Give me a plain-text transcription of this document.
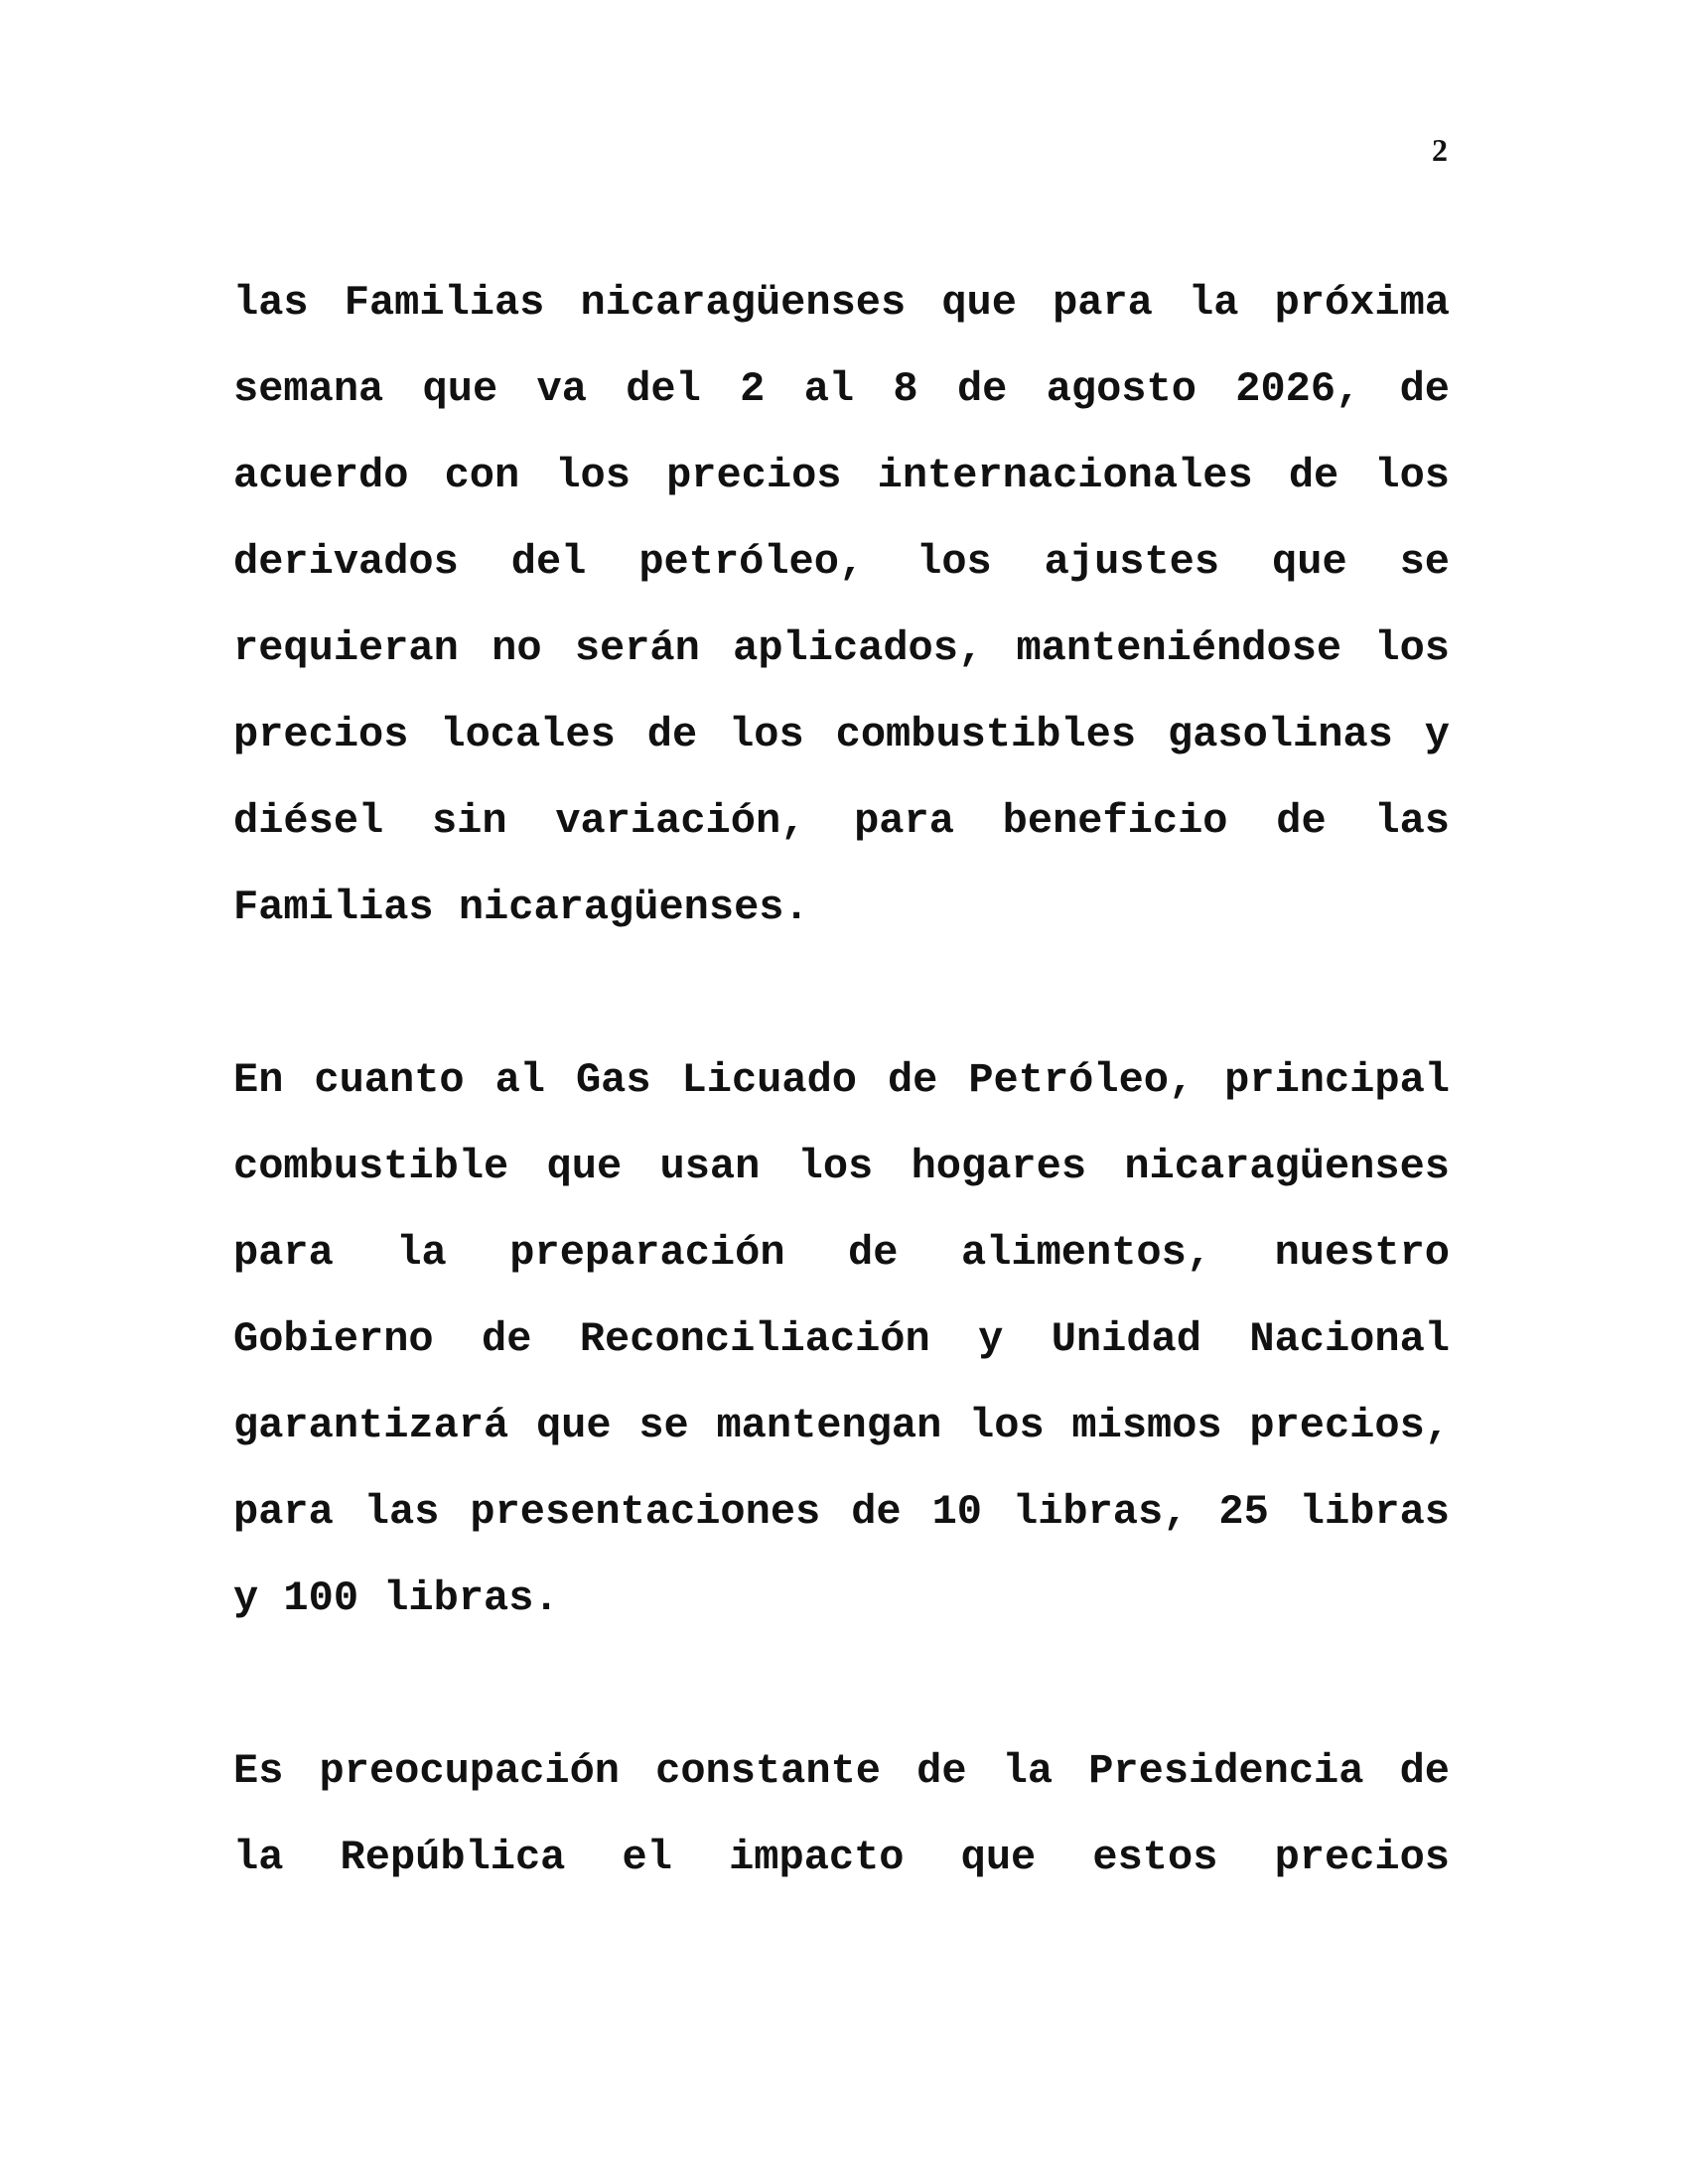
2

las Familias nicaragüenses que para la próxima semana que va del 2 al 8 de agosto 2026, de acuerdo con los precios internacionales de los derivados del petróleo, los ajustes que se requieran no serán aplicados, manteniéndose los precios locales de los combustibles gasolinas y diésel sin variación, para beneficio de las Familias nicaragüenses.

En cuanto al Gas Licuado de Petróleo, principal combustible que usan los hogares nicaragüenses para la preparación de alimentos, nuestro Gobierno de Reconciliación y Unidad Nacional garantizará que se mantengan los mismos precios, para las presentaciones de 10 libras, 25 libras y 100 libras.

Es preocupación constante de la Presidencia de la República el impacto que estos precios
